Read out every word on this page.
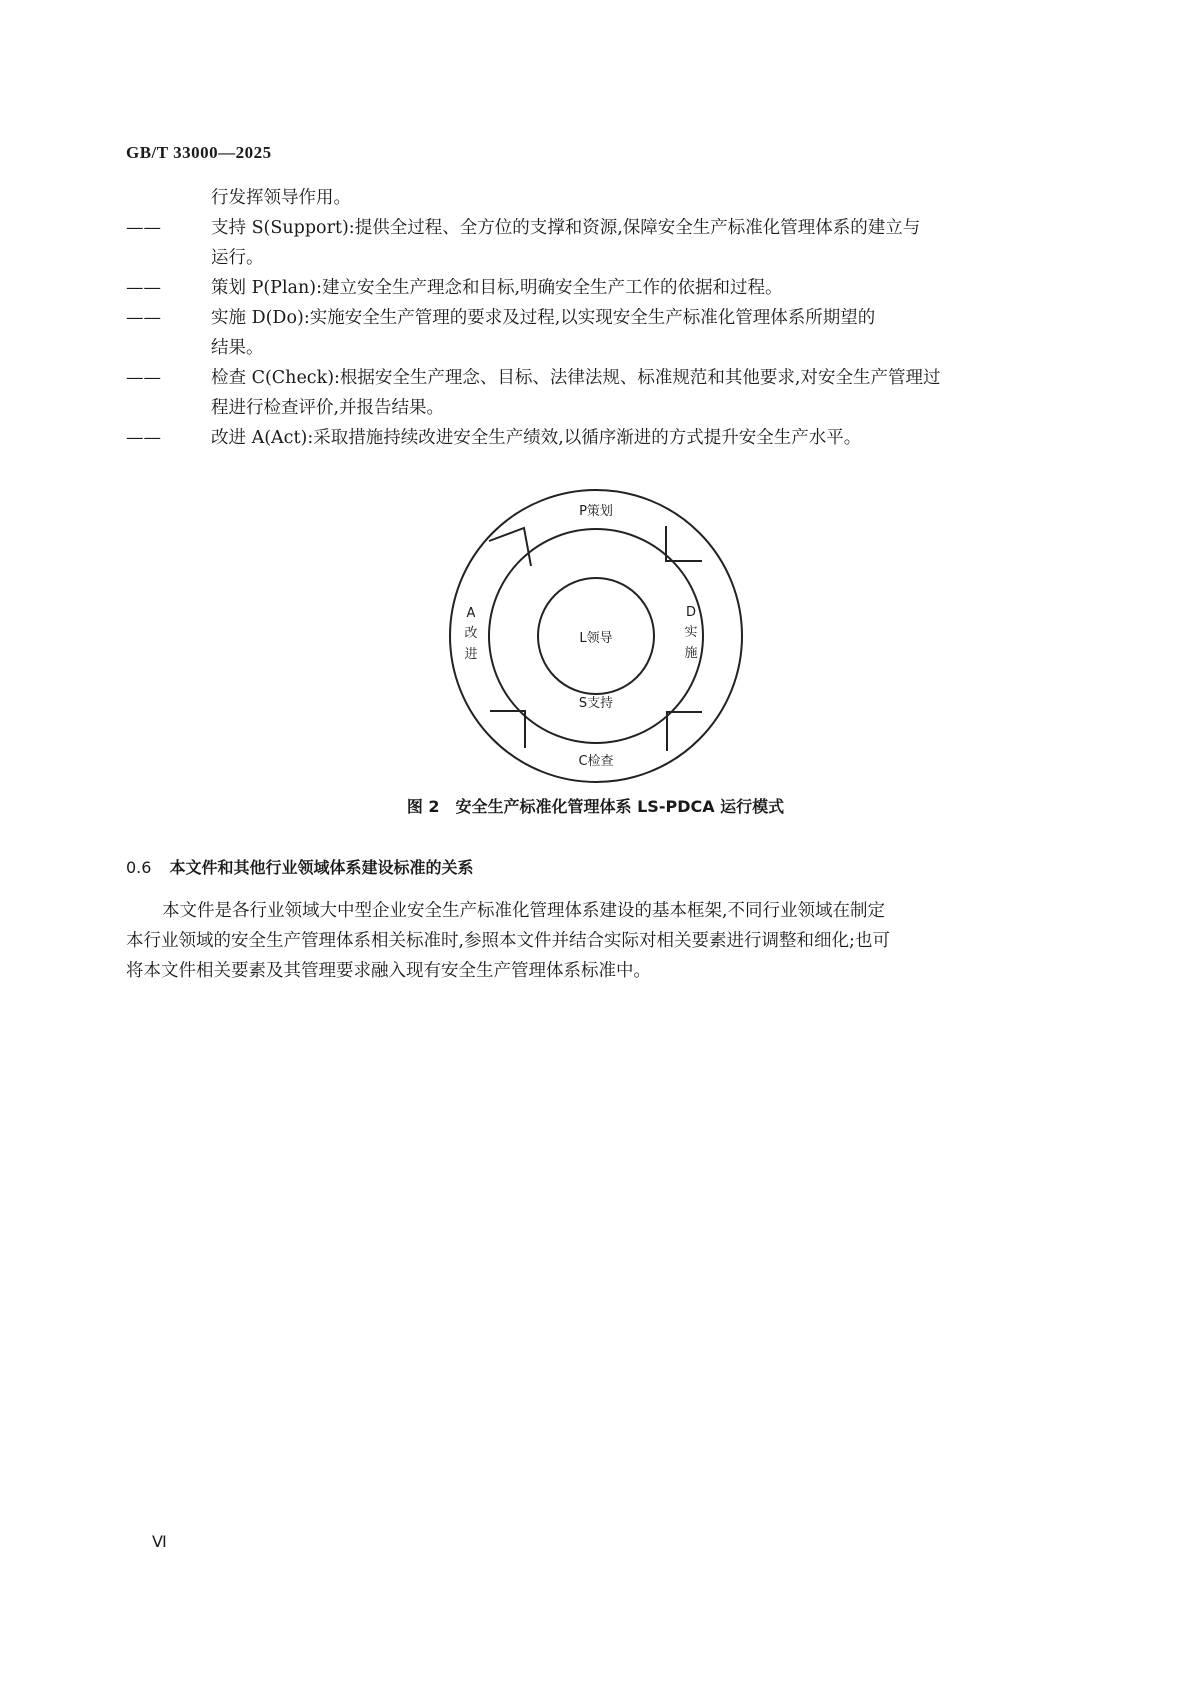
GB/T 33000—2025
行发挥领导作用。
——	支持 S(Support):提供全过程、全方位的支撑和资源,保障安全生产标准化管理体系的建立与
运行。
——	策划 P(Plan):建立安全生产理念和目标,明确安全生产工作的依据和过程。
——	实施 D(Do):实施安全生产管理的要求及过程,以实现安全生产标准化管理体系所期望的
结果。
——	检查 C(Check):根据安全生产理念、目标、法律法规、标准规范和其他要求,对安全生产管理过
程进行检查评价,并报告结果。
——	改进 A(Act):采取措施持续改进安全生产绩效,以循序渐进的方式提升安全生产水平。
P策划
L领导
S支持
C检查
D
实
施
A
改
进
图 2　安全生产标准化管理体系 LS-PDCA 运行模式
0.6 本文件和其他行业领域体系建设标准的关系
本文件是各行业领域大中型企业安全生产标准化管理体系建设的基本框架,不同行业领域在制定
本行业领域的安全生产管理体系相关标准时,参照本文件并结合实际对相关要素进行调整和细化;也可
将本文件相关要素及其管理要求融入现有安全生产管理体系标准中。
Ⅵ
